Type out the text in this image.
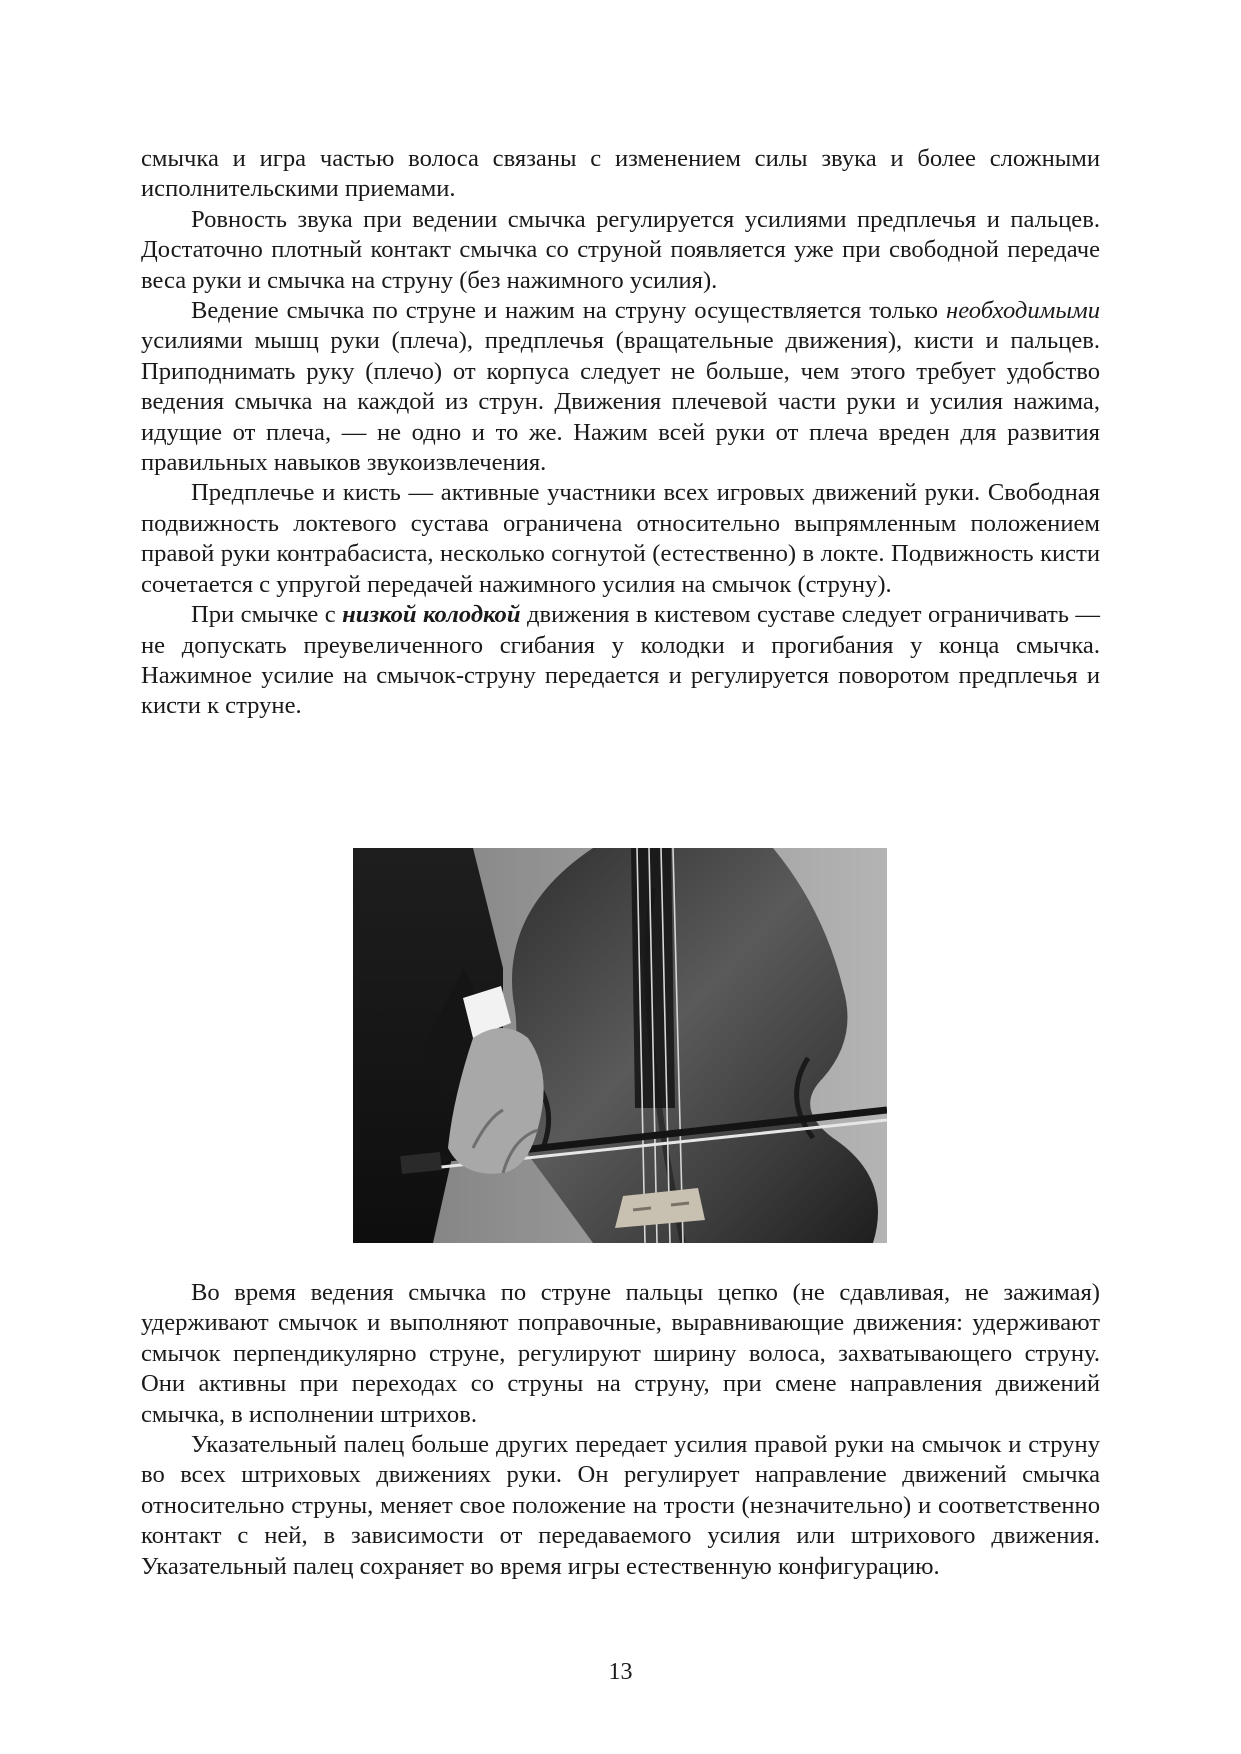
смычка и игра частью волоса связаны с изменением силы звука и более сложными исполнительскими приемами.

Ровность звука при ведении смычка регулируется усилиями предплечья и пальцев. Достаточно плотный контакт смычка со струной появляется уже при свободной передаче веса руки и смычка на струну (без нажимного усилия).

Ведение смычка по струне и нажим на струну осуществляется только необходимыми усилиями мышц руки (плеча), предплечья (вращательные движения), кисти и пальцев. Приподнимать руку (плечо) от корпуса следует не больше, чем этого требует удобство ведения смычка на каждой из струн. Движения плечевой части руки и усилия нажима, идущие от плеча, — не одно и то же. Нажим всей руки от плеча вреден для развития правильных навыков звукоизвлечения.

Предплечье и кисть — активные участники всех игровых движений руки. Свободная подвижность локтевого сустава ограничена относительно выпрямленным положением правой руки контрабасиста, несколько согнутой (естественно) в локте. Подвижность кисти сочетается с упругой передачей нажимного усилия на смычок (струну).

При смычке с низкой колодкой движения в кистевом суставе следует ограничивать — не допускать преувеличенного сгибания у колодки и прогибания у конца смычка. Нажимное усилие на смычок-струну передается и регулируется поворотом предплечья и кисти к струне.

Во время ведения смычка по струне пальцы цепко (не сдавливая, не зажимая) удерживают смычок и выполняют поправочные, выравнивающие движения: удерживают смычок перпендикулярно струне, регулируют ширину волоса, захватывающего струну. Они активны при переходах со струны на струну, при смене направления движений смычка, в исполнении штрихов.

Указательный палец больше других передает усилия правой руки на смычок и струну во всех штриховых движениях руки. Он регулирует направление движений смычка относительно струны, меняет свое положение на трости (незначительно) и соответственно контакт с ней, в зависимости от передаваемого усилия или штрихового движения. Указательный палец сохраняет во время игры естественную конфигурацию.

13
